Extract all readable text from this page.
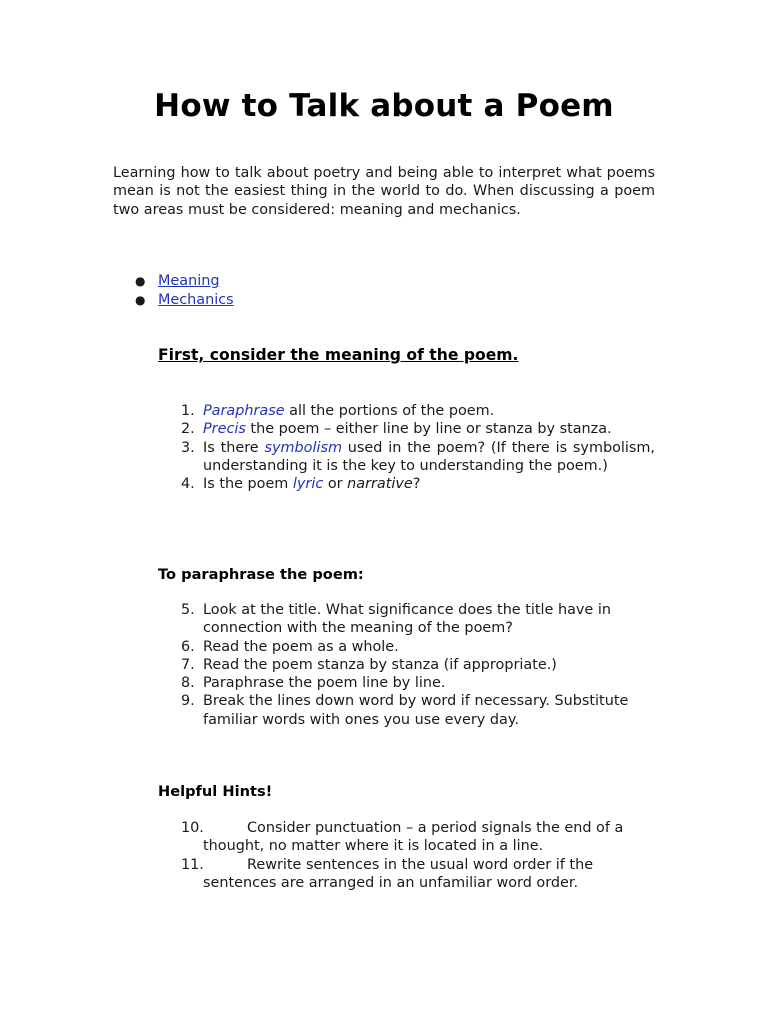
How to Talk about a Poem
Learning how to talk about poetry and being able to interpret what poems mean is not the easiest thing in the world to do. When discussing a poem two areas must be considered: meaning and mechanics.
● Meaning
● Mechanics
First, consider the meaning of the poem.
1. Paraphrase all the portions of the poem.
2. Precis the poem – either line by line or stanza by stanza.
3. Is there symbolism used in the poem? (If there is symbolism, understanding it is the key to understanding the poem.)
4. Is the poem lyric or narrative?
To paraphrase the poem:
5. Look at the title. What significance does the title have in connection with the meaning of the poem?
6. Read the poem as a whole.
7. Read the poem stanza by stanza (if appropriate.)
8. Paraphrase the poem line by line.
9. Break the lines down word by word if necessary. Substitute familiar words with ones you use every day.
Helpful Hints!
10.	Consider punctuation – a period signals the end of a thought, no matter where it is located in a line.
11.	Rewrite sentences in the usual word order if the sentences are arranged in an unfamiliar word order.
